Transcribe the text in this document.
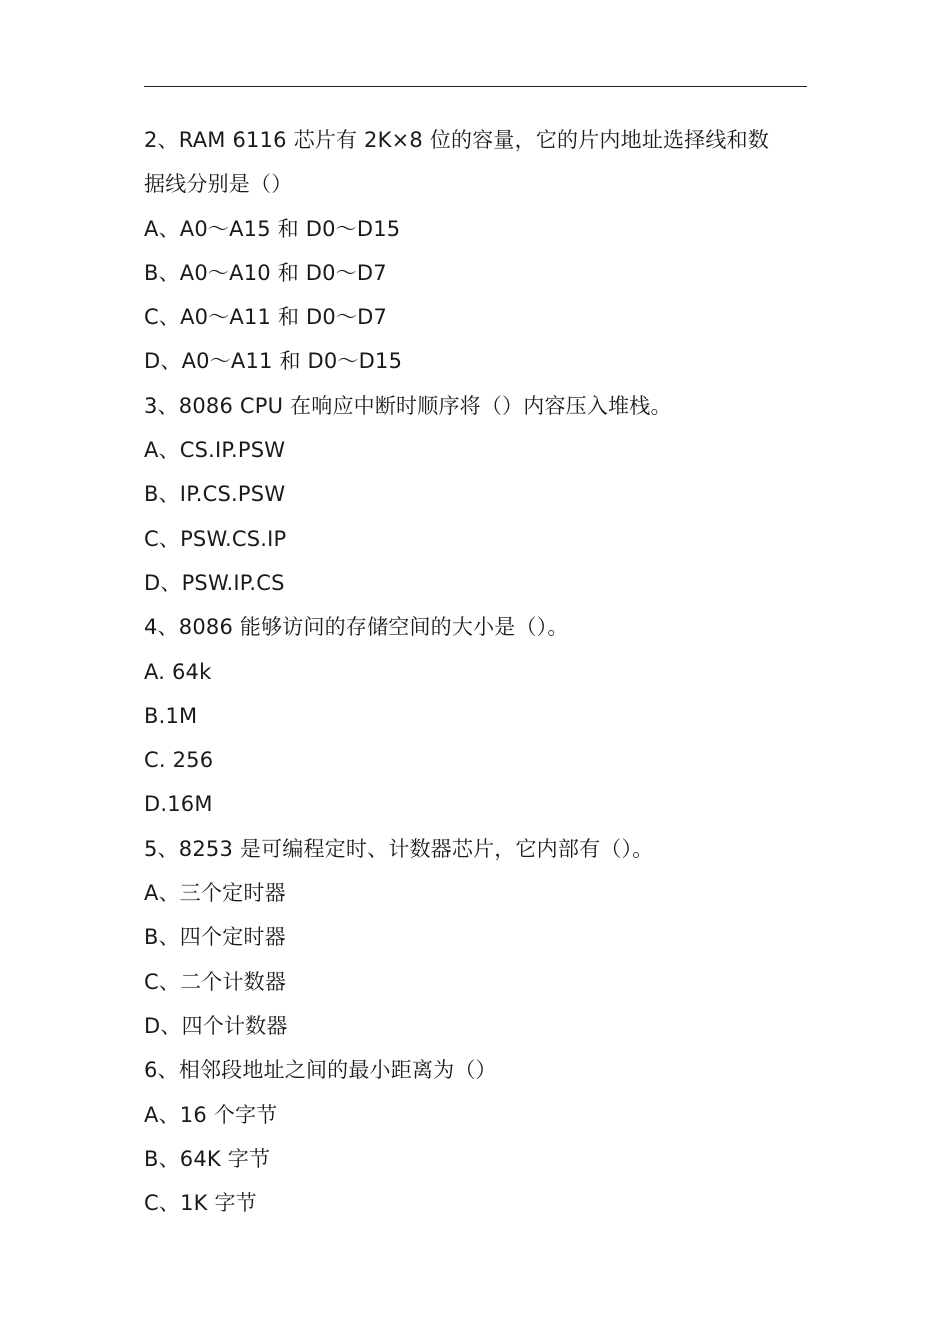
2、RAM 6116 芯片有 2K×8 位的容量，它的片内地址选择线和数
据线分别是（）
A、A0～A15 和 D0～D15
B、A0～A10 和 D0～D7
C、A0～A11 和 D0～D7
D、A0～A11 和 D0～D15
3、8086 CPU 在响应中断时顺序将（）内容压入堆栈。
A、CS.IP.PSW
B、IP.CS.PSW
C、PSW.CS.IP
D、PSW.IP.CS
4、8086 能够访问的存储空间的大小是（）。
A. 64k
B.1M
C. 256
D.16M
5、8253 是可编程定时、计数器芯片，它内部有（）。
A、三个定时器
B、四个定时器
C、二个计数器
D、四个计数器
6、相邻段地址之间的最小距离为（）
A、16 个字节
B、64K 字节
C、1K 字节
